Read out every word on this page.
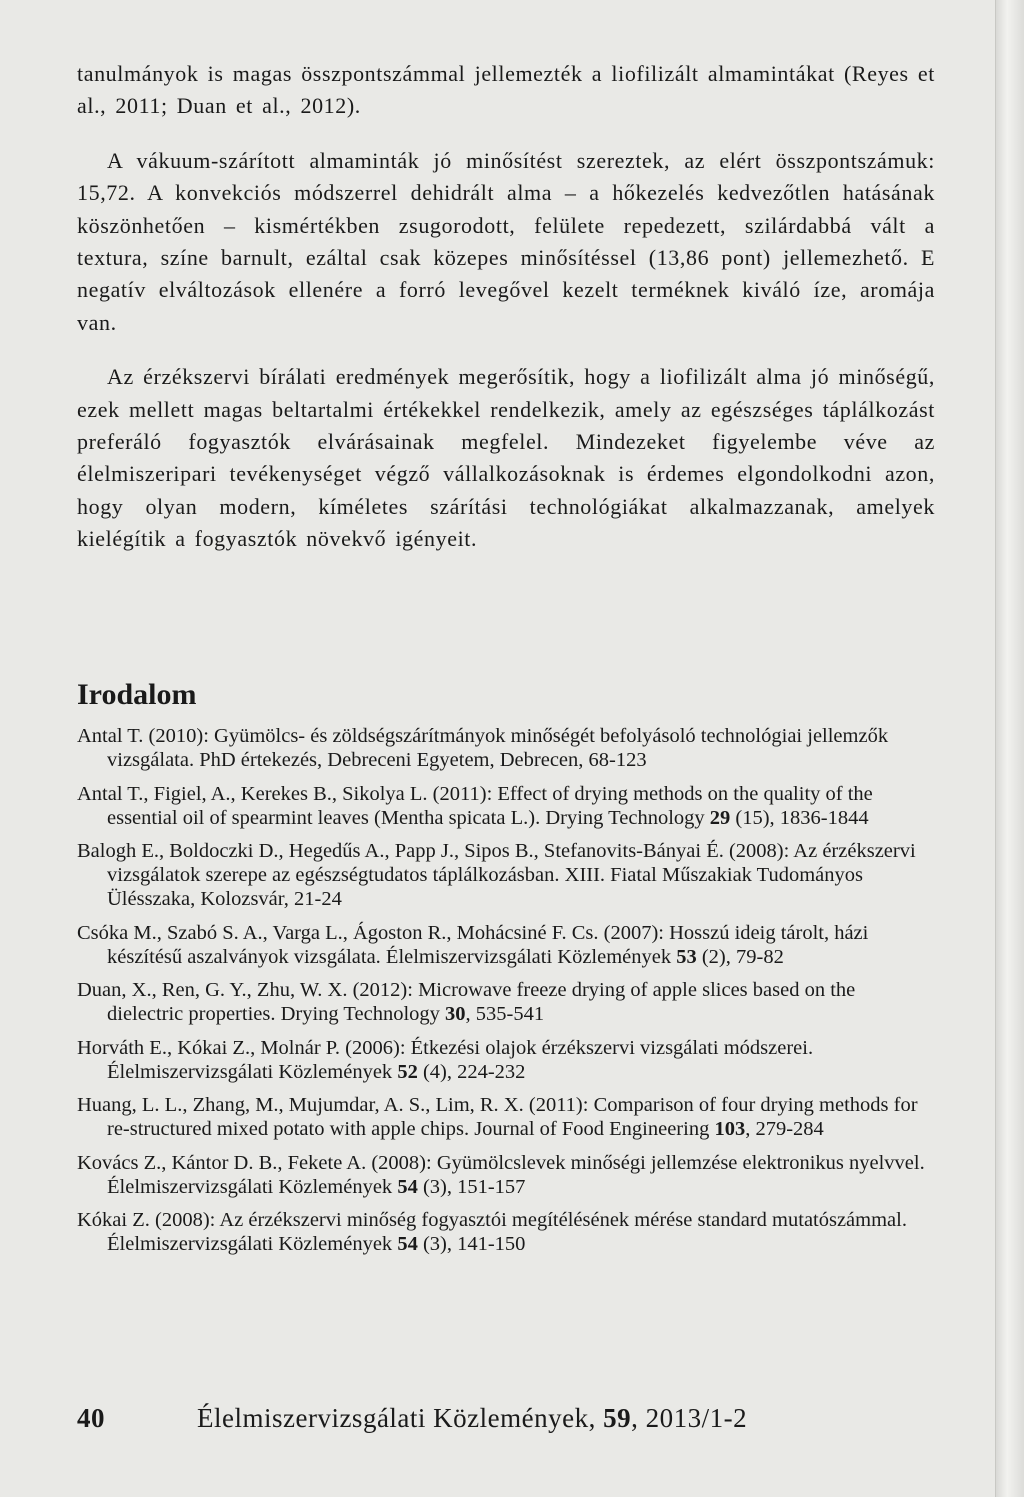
tanulmányok is magas összpontszámmal jellemezték a liofilizált almamintákat (Reyes et al., 2011; Duan et al., 2012).

A vákuum-szárított almaminták jó minősítést szereztek, az elért összpontszámuk: 15,72. A konvekciós módszerrel dehidrált alma – a hőkezelés kedvezőtlen hatásának köszönhetően – kismértékben zsugorodott, felülete repedezett, szilárdabbá vált a textura, színe barnult, ezáltal csak közepes minősítéssel (13,86 pont) jellemezhető. E negatív elváltozások ellenére a forró levegővel kezelt terméknek kiváló íze, aromája van.

Az érzékszervi bírálati eredmények megerősítik, hogy a liofilizált alma jó minőségű, ezek mellett magas beltartalmi értékekkel rendelkezik, amely az egészséges táplálkozást preferáló fogyasztók elvárásainak megfelel. Mindezeket figyelembe véve az élelmiszeripari tevékenységet végző vállalkozásoknak is érdemes elgondolkodni azon, hogy olyan modern, kíméletes szárítási technológiákat alkalmazzanak, amelyek kielégítik a fogyasztók növekvő igényeit.

Irodalom

Antal T. (2010): Gyümölcs- és zöldségszárítmányok minőségét befolyásoló technológiai jellemzők vizsgálata. PhD értekezés, Debreceni Egyetem, Debrecen, 68-123

Antal T., Figiel, A., Kerekes B., Sikolya L. (2011): Effect of drying methods on the quality of the essential oil of spearmint leaves (Mentha spicata L.). Drying Technology 29 (15), 1836-1844

Balogh E., Boldoczki D., Hegedűs A., Papp J., Sipos B., Stefanovits-Bányai É. (2008): Az érzékszervi vizsgálatok szerepe az egészségtudatos táplálkozásban. XIII. Fiatal Műszakiak Tudományos Ülésszaka, Kolozsvár, 21-24

Csóka M., Szabó S. A., Varga L., Ágoston R., Mohácsiné F. Cs. (2007): Hosszú ideig tárolt, házi készítésű aszalványok vizsgálata. Élelmiszervizsgálati Közlemények 53 (2), 79-82

Duan, X., Ren, G. Y., Zhu, W. X. (2012): Microwave freeze drying of apple slices based on the dielectric properties. Drying Technology 30, 535-541

Horváth E., Kókai Z., Molnár P. (2006): Étkezési olajok érzékszervi vizsgálati módszerei. Élelmiszervizsgálati Közlemények 52 (4), 224-232

Huang, L. L., Zhang, M., Mujumdar, A. S., Lim, R. X. (2011): Comparison of four drying methods for re-structured mixed potato with apple chips. Journal of Food Engineering 103, 279-284

Kovács Z., Kántor D. B., Fekete A. (2008): Gyümölcslevek minőségi jellemzése elektronikus nyelvvel. Élelmiszervizsgálati Közlemények 54 (3), 151-157

Kókai Z. (2008): Az érzékszervi minőség fogyasztói megítélésének mérése standard mutatószámmal. Élelmiszervizsgálati Közlemények 54 (3), 141-150

40	Élelmiszervizsgálati Közlemények, 59, 2013/1-2
